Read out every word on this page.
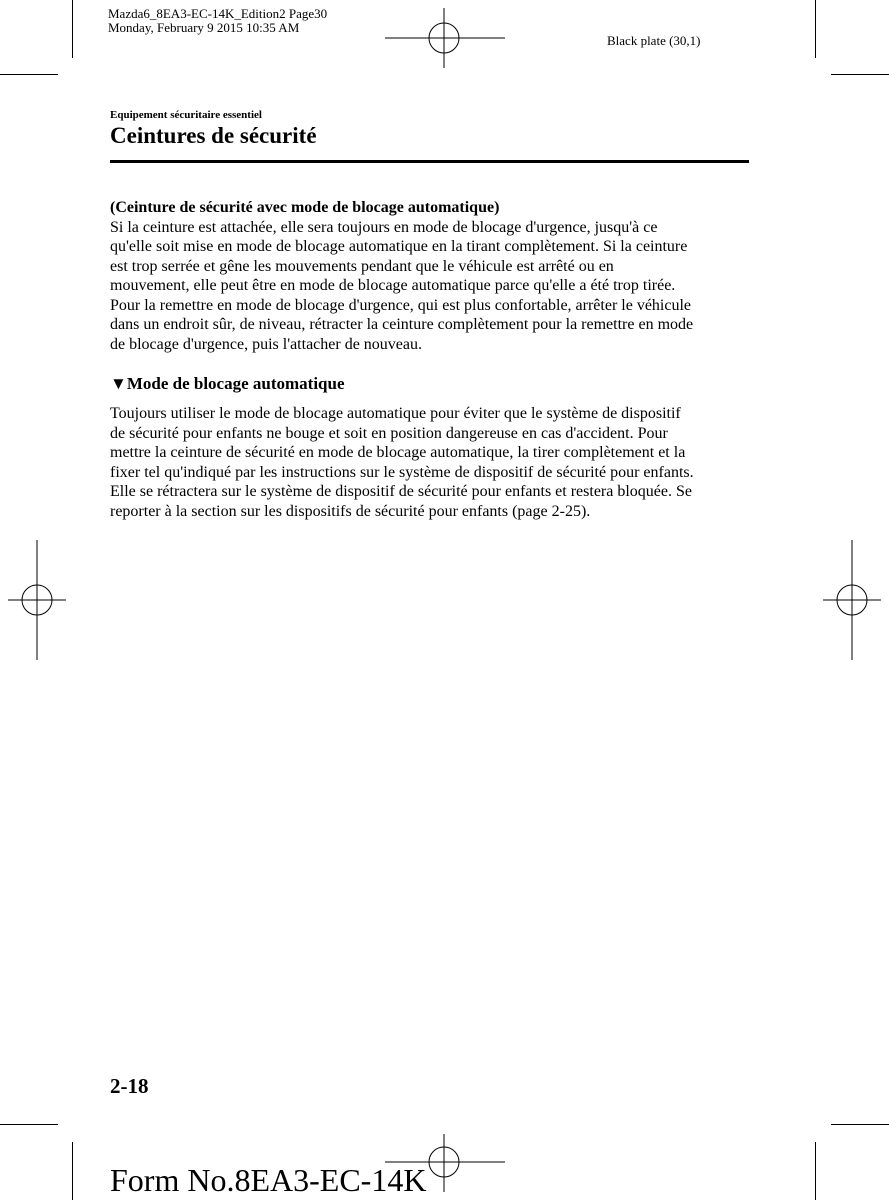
Mazda6_8EA3-EC-14K_Edition2 Page30
Monday, February 9 2015 10:35 AM
Black plate (30,1)
Equipement sécuritaire essentiel
Ceintures de sécurité
(Ceinture de sécurité avec mode de blocage automatique)
Si la ceinture est attachée, elle sera toujours en mode de blocage d'urgence, jusqu'à ce
qu'elle soit mise en mode de blocage automatique en la tirant complètement. Si la ceinture
est trop serrée et gêne les mouvements pendant que le véhicule est arrêté ou en
mouvement, elle peut être en mode de blocage automatique parce qu'elle a été trop tirée.
Pour la remettre en mode de blocage d'urgence, qui est plus confortable, arrêter le véhicule
dans un endroit sûr, de niveau, rétracter la ceinture complètement pour la remettre en mode
de blocage d'urgence, puis l'attacher de nouveau.
▼Mode de blocage automatique
Toujours utiliser le mode de blocage automatique pour éviter que le système de dispositif
de sécurité pour enfants ne bouge et soit en position dangereuse en cas d'accident. Pour
mettre la ceinture de sécurité en mode de blocage automatique, la tirer complètement et la
fixer tel qu'indiqué par les instructions sur le système de dispositif de sécurité pour enfants.
Elle se rétractera sur le système de dispositif de sécurité pour enfants et restera bloquée. Se
reporter à la section sur les dispositifs de sécurité pour enfants (page 2-25).
2-18
Form No.8EA3-EC-14K
